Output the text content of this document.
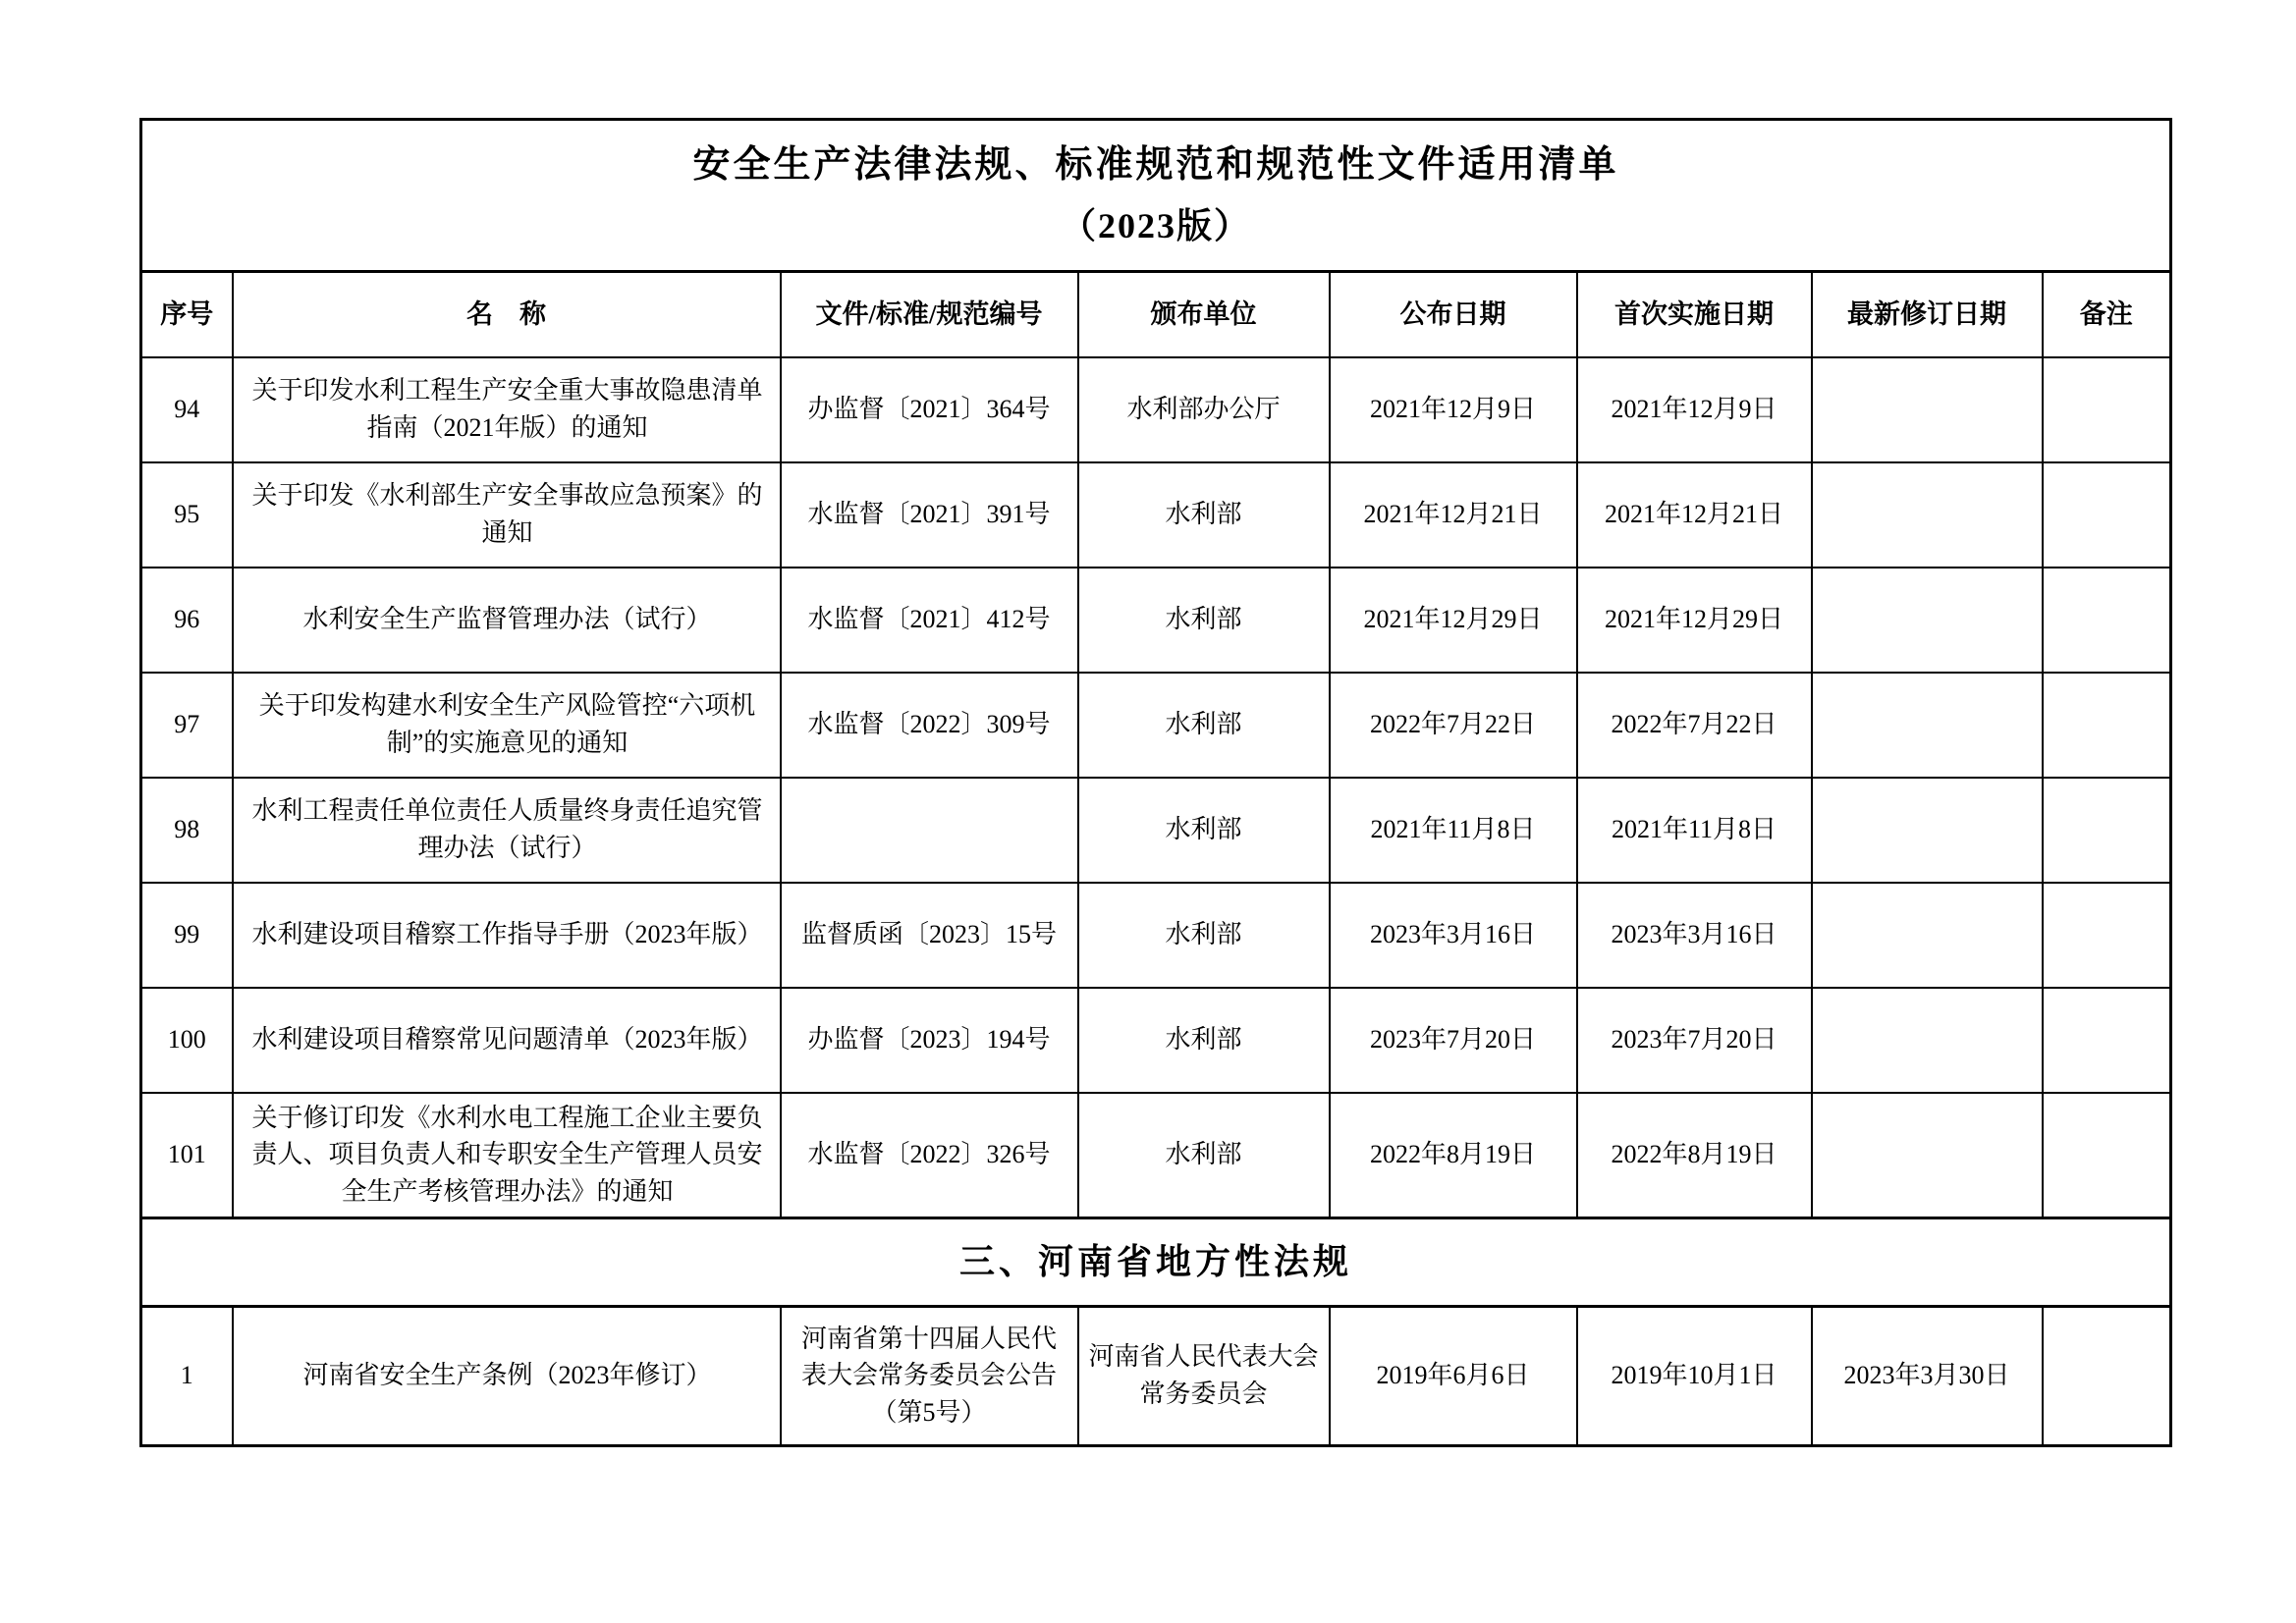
安全生产法律法规、标准规范和规范性文件适用清单
（2023版）							

序号	名　称	文件/标准/规范编号	颁布单位	公布日期	首次实施日期	最新修订日期	备注
94	关于印发水利工程生产安全重大事故隐患清单指南（2021年版）的通知	办监督〔2021〕364号	水利部办公厅	2021年12月9日	2021年12月9日		
95	关于印发《水利部生产安全事故应急预案》的通知	水监督〔2021〕391号	水利部	2021年12月21日	2021年12月21日		
96	水利安全生产监督管理办法（试行）	水监督〔2021〕412号	水利部	2021年12月29日	2021年12月29日		
97	关于印发构建水利安全生产风险管控“六项机制”的实施意见的通知	水监督〔2022〕309号	水利部	2022年7月22日	2022年7月22日		
98	水利工程责任单位责任人质量终身责任追究管理办法（试行）		水利部	2021年11月8日	2021年11月8日		
99	水利建设项目稽察工作指导手册（2023年版）	监督质函〔2023〕15号	水利部	2023年3月16日	2023年3月16日		
100	水利建设项目稽察常见问题清单（2023年版）	办监督〔2023〕194号	水利部	2023年7月20日	2023年7月20日		
101	关于修订印发《水利水电工程施工企业主要负责人、项目负责人和专职安全生产管理人员安全生产考核管理办法》的通知	水监督〔2022〕326号	水利部	2022年8月19日	2022年8月19日		
三、河南省地方性法规							
1	河南省安全生产条例（2023年修订）	河南省第十四届人民代表大会常务委员会公告（第5号）	河南省人民代表大会常务委员会	2019年6月6日	2019年10月1日	2023年3月30日	
